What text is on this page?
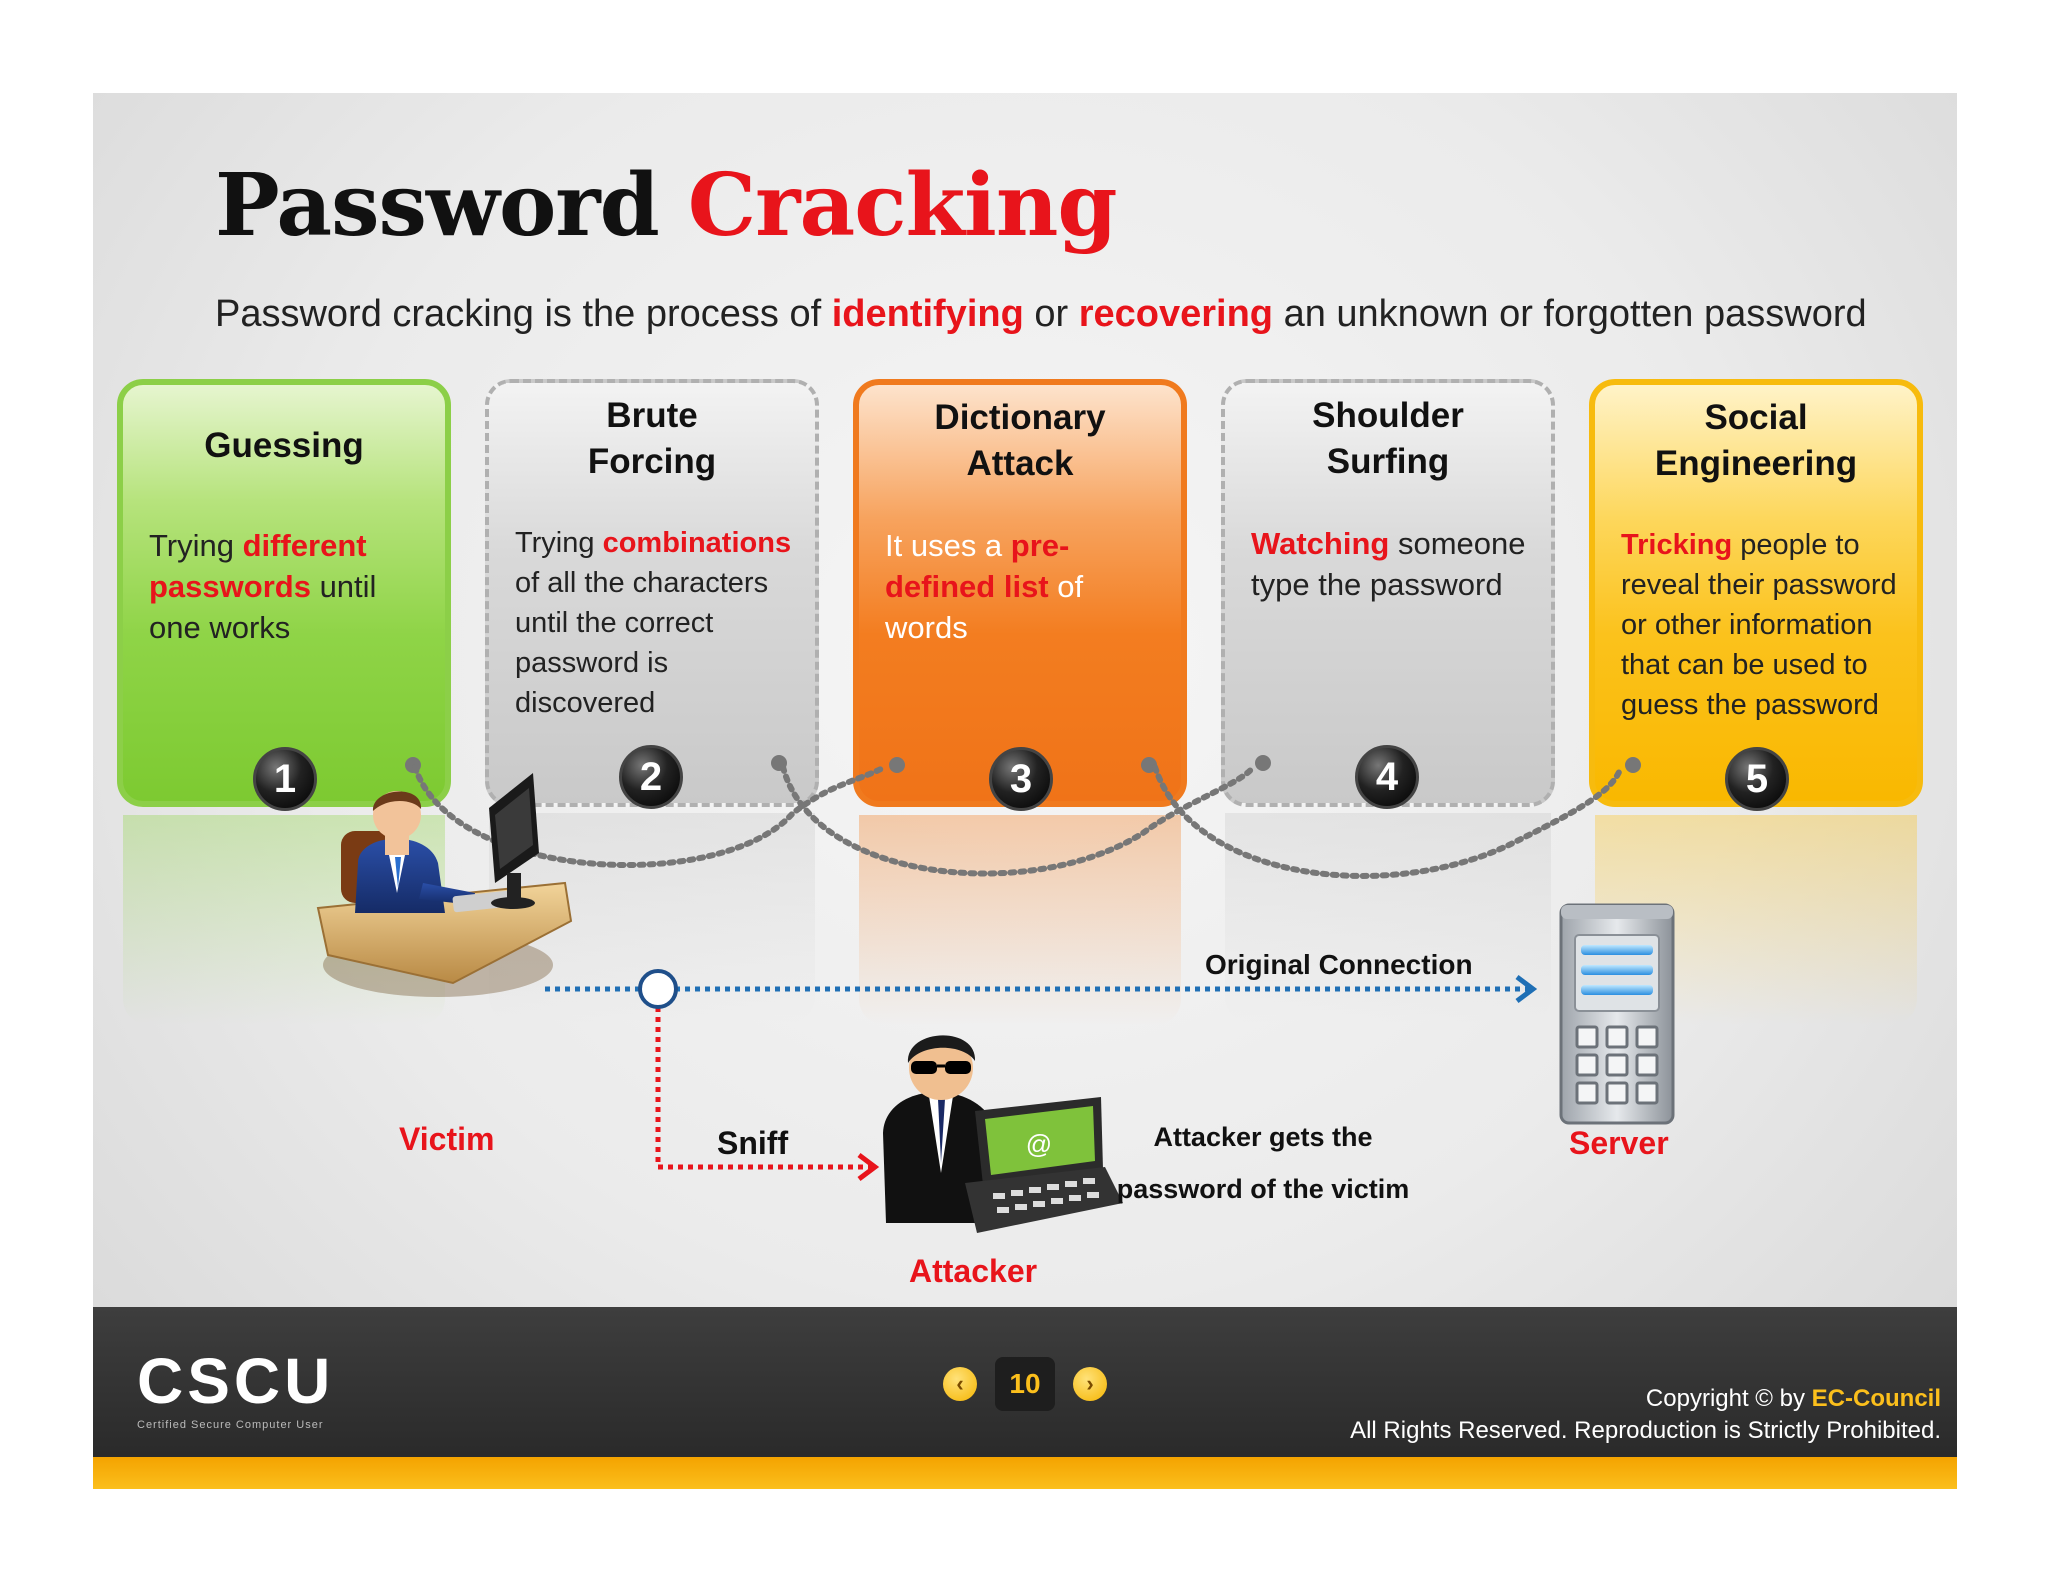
Password Cracking
Password cracking is the process of identifying or recovering an unknown or forgotten password
Guessing
Trying different passwords until one works
1
Brute
Forcing
Trying combinations of all the characters until the correct password is discovered
2
Dictionary
Attack
It uses a pre-defined list of words
3
Shoulder
Surfing
Watching someone type the password
4
Social
Engineering
Tricking people to reveal their password or other information that can be used to guess the password
5
@
Victim	Server
Attacker
Original Connection
Sniff	Attacker gets the
password of the victim
CSCU
Certified Secure Computer User
‹	10	›
Copyright © by EC-Council
All Rights Reserved. Reproduction is Strictly Prohibited.
